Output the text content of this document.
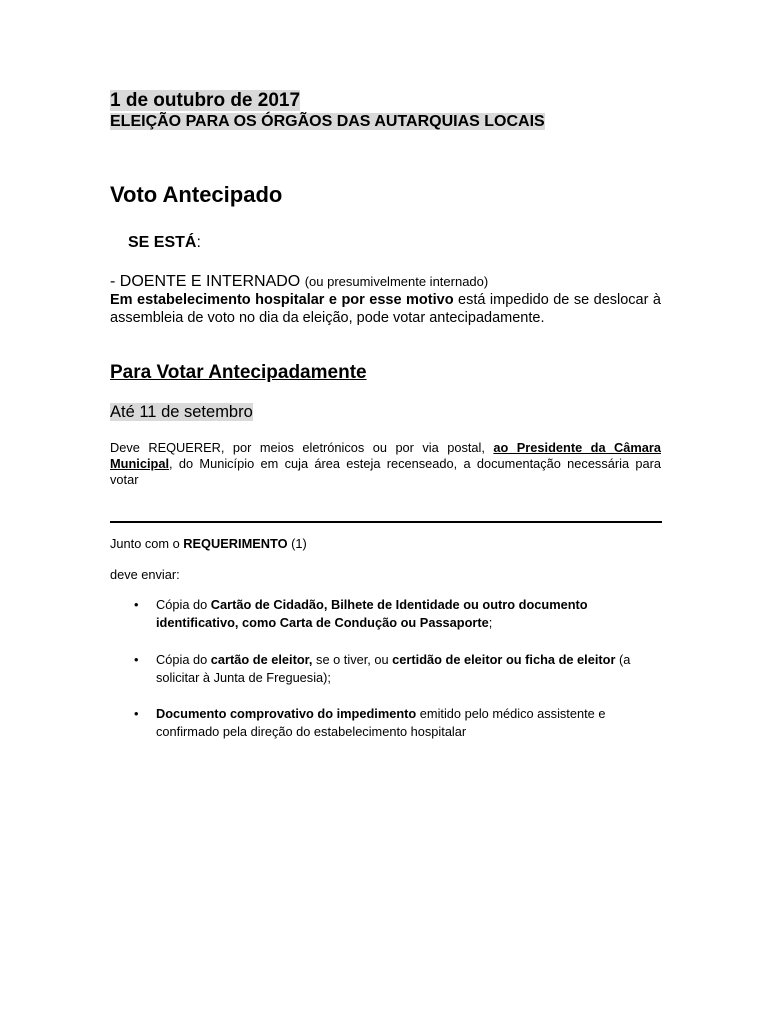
1 de outubro de 2017
ELEIÇÃO PARA OS ÓRGÃOS DAS AUTARQUIAS LOCAIS
Voto Antecipado
SE ESTÁ:
- DOENTE E INTERNADO (ou presumivelmente internado)
Em estabelecimento hospitalar e por esse motivo está impedido de se deslocar à assembleia de voto no dia da eleição, pode votar antecipadamente.
Para Votar Antecipadamente
Até 11 de setembro
Deve REQUERER, por meios eletrónicos ou por via postal, ao Presidente da Câmara Municipal, do Município em cuja área esteja recenseado, a documentação necessária para votar
Junto com o REQUERIMENTO (1)
deve enviar:
• Cópia do Cartão de Cidadão, Bilhete de Identidade ou outro documento identificativo, como Carta de Condução ou Passaporte;
• Cópia do cartão de eleitor, se o tiver, ou certidão de eleitor ou ficha de eleitor (a solicitar à Junta de Freguesia);
• Documento comprovativo do impedimento emitido pelo médico assistente e confirmado pela direção do estabelecimento hospitalar
